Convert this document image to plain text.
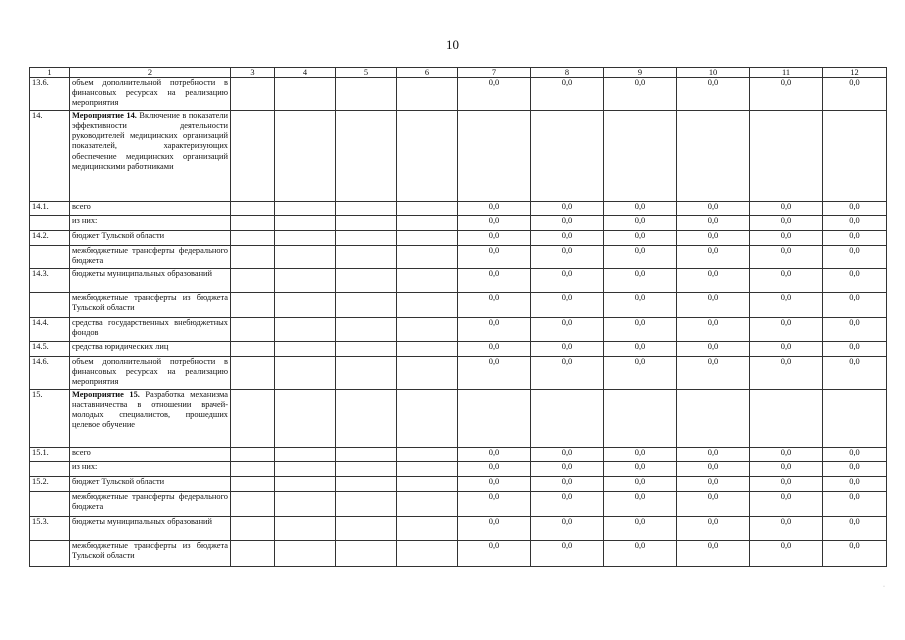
10
1	2	3	4	5	6	7	8	9	10	11	12
13.6.	объем дополнительной потребности в финансовых ресурсах на реализацию мероприятия					0,0	0,0	0,0	0,0	0,0	0,0
14.	Мероприятие 14. Включение в показатели эффективности деятельности руководителей медицинских организаций показателей, характеризующих обеспечение медицинских организаций медицинскими работниками										
14.1.	всего					0,0	0,0	0,0	0,0	0,0	0,0
	из них:					0,0	0,0	0,0	0,0	0,0	0,0
14.2.	бюджет Тульской области					0,0	0,0	0,0	0,0	0,0	0,0
	межбюджетные трансферты федерального бюджета					0,0	0,0	0,0	0,0	0,0	0,0
14.3.	бюджеты муниципальных образований					0,0	0,0	0,0	0,0	0,0	0,0
	межбюджетные трансферты из бюджета Тульской области					0,0	0,0	0,0	0,0	0,0	0,0
14.4.	средства государственных внебюджетных фондов					0,0	0,0	0,0	0,0	0,0	0,0
14.5.	средства юридических лиц					0,0	0,0	0,0	0,0	0,0	0,0
14.6.	объем дополнительной потребности в финансовых ресурсах на реализацию мероприятия					0,0	0,0	0,0	0,0	0,0	0,0
15.	Мероприятие 15. Разработка механизма наставничества в отношении врачей-молодых специалистов, прошедших целевое обучение										
15.1.	всего					0,0	0,0	0,0	0,0	0,0	0,0
	из них:					0,0	0,0	0,0	0,0	0,0	0,0
15.2.	бюджет Тульской области					0,0	0,0	0,0	0,0	0,0	0,0
	межбюджетные трансферты федерального бюджета					0,0	0,0	0,0	0,0	0,0	0,0
15.3.	бюджеты муниципальных образований					0,0	0,0	0,0	0,0	0,0	0,0
	межбюджетные трансферты из бюджета Тульской области					0,0	0,0	0,0	0,0	0,0	0,0
·
